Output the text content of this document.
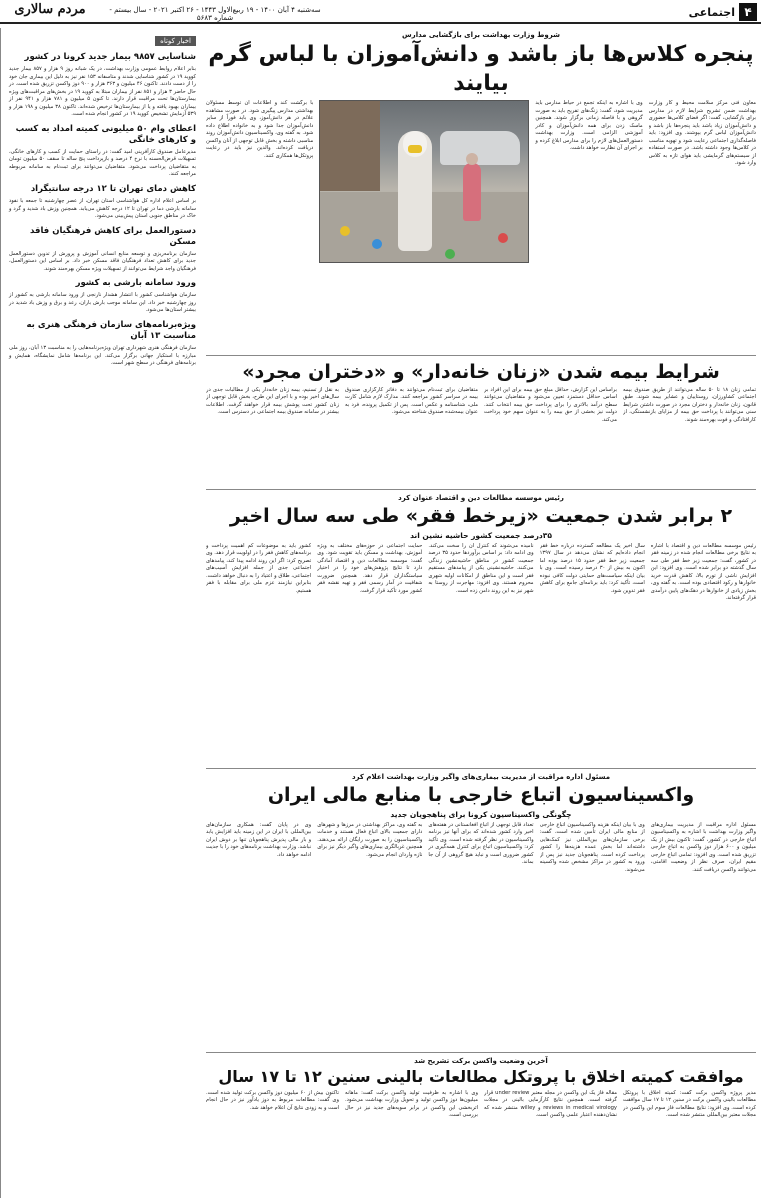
مردم سالاری	سه‌شنبه ۴ آبان ۱۴۰۰ - ۱۹ ربیع‌الاول ۱۴۴۳ - ۲۶ اکتبر ۲۰۲۱ - سال بیستم - شماره ۵۶۸۳	۴
اجتماعی
اخبار کوتاه
شناسایی ۹۸۵۷ بیمار جدید کرونا در کشور
بنابر اعلام روابط عمومی وزارت بهداشت، در یک شبانه روز ۹ هزار و ۸۵۷ بیمار جدید کووید ۱۹ در کشور شناسایی شدند و متاسفانه ۱۵۳ نفر نیز به دلیل این بیماری جان خود را از دست دادند. تاکنون ۴۶ میلیون و ۳۶۳ هزار و ۹۰۰ دوز واکسن تزریق شده است. در حال حاضر ۳ هزار و ۸۵۱ نفر از بیماران مبتلا به کووید ۱۹ در بخش‌های مراقبت‌های ویژه بیمارستان‌ها تحت مراقبت قرار دارند. تا کنون ۵ میلیون و ۷۸۱ هزار و ۹۴۱ نفر از بیماران بهبود یافته و یا از بیمارستان‌ها ترخیص شده‌اند. تاکنون ۳۸ میلیون و ۱۹۸ هزار و ۵۳۹ آزمایش تشخیص کووید ۱۹ در کشور انجام شده است.
اعطای وام ۵۰ میلیونی کمیته امداد به کسب و کارهای خانگی
مدیرعامل صندوق کارآفرینی امید گفت: در راستای حمایت از کسب و کارهای خانگی، تسهیلات قرض‌الحسنه با نرخ ۴ درصد و بازپرداخت پنج ساله تا سقف ۵۰ میلیون تومان به متقاضیان پرداخت می‌شود. متقاضیان می‌توانند برای ثبت‌نام به سامانه مربوطه مراجعه کنند.
کاهش دمای تهران تا ۱۲ درجه سانتیگراد
بر اساس اعلام اداره کل هواشناسی استان تهران، از عصر چهارشنبه تا جمعه با نفوذ سامانه بارشی دما در تهران تا ۱۲ درجه کاهش می‌یابد. همچنین وزش باد شدید و گرد و خاک در مناطق جنوبی استان پیش‌بینی می‌شود.
دستورالعمل برای کاهش فرهنگیان فاقد مسکن
سازمان برنامه‌ریزی و توسعه منابع انسانی آموزش و پرورش از تدوین دستورالعمل جدید برای کاهش تعداد فرهنگیان فاقد مسکن خبر داد. بر اساس این دستورالعمل، فرهنگیان واجد شرایط می‌توانند از تسهیلات ویژه مسکن بهره‌مند شوند.
ورود سامانه بارشی به کشور
سازمان هواشناسی کشور با انتشار هشدار نارنجی از ورود سامانه بارشی به کشور از روز چهارشنبه خبر داد. این سامانه موجب بارش باران، رعد و برق و وزش باد شدید در بیشتر استان‌ها می‌شود.
ویژه‌برنامه‌های سازمان فرهنگی هنری به مناسبت ۱۳ آبان
سازمان فرهنگی هنری شهرداری تهران ویژه‌برنامه‌هایی را به مناسبت ۱۳ آبان، روز ملی مبارزه با استکبار جهانی برگزار می‌کند. این برنامه‌ها شامل نمایشگاه، همایش و برنامه‌های فرهنگی در سطح شهر است.
شروط وزارت بهداشت برای بازگشایی مدارس
پنجره کلاس‌ها باز باشد و دانش‌آموزان با لباس گرم بیایند
معاون فنی مرکز سلامت محیط و کار وزارت بهداشت ضمن تشریح شرایط لازم در مدارس برای بازگشایی، گفت: اگر فضای کلاس‌ها حضوری و دانش‌آموزان زیاد باشد باید پنجره‌ها باز باشد و دانش‌آموزان لباس گرم بپوشند. وی افزود: باید فاصله‌گذاری اجتماعی رعایت شود و تهویه مناسب در کلاس‌ها وجود داشته باشد. در صورت استفاده از سیستم‌های گرمایشی باید هوای تازه به کلاس وارد شود.
وی با اشاره به اینکه تجمع در حیاط مدارس باید مدیریت شود، گفت: زنگ‌های تفریح باید به صورت گروهی و با فاصله زمانی برگزار شوند. همچنین ماسک زدن برای همه دانش‌آموزان و کادر آموزشی الزامی است. وزارت بهداشت دستورالعمل‌های لازم را برای مدارس ابلاغ کرده و بر اجرای آن نظارت خواهد داشت.
با برگشت کند و اطلاعات آن توسط مسئولان بهداشتی مدارس پیگیری شود. در صورت مشاهده علائم در هر دانش‌آموز، وی باید فوراً از سایر دانش‌آموزان جدا شود و به خانواده اطلاع داده شود. به گفته وی، واکسیناسیون دانش‌آموزان روند مناسبی داشته و بخش قابل توجهی از آنان واکسن دریافت کرده‌اند. والدین نیز باید در رعایت پروتکل‌ها همکاری کنند.
شرایط بیمه شدن «زنان خانه‌دار» و «دختران مجرد»
تمامی زنان ۱۸ تا ۵۰ ساله می‌توانند از طریق صندوق بیمه اجتماعی کشاورزان، روستاییان و عشایر بیمه شوند. طبق قانون، زنان خانه‌دار و دختران مجرد در صورت داشتن شرایط سنی می‌توانند با پرداخت حق بیمه از مزایای بازنشستگی، از کارافتادگی و فوت بهره‌مند شوند.
براساس این گزارش، حداقل مبلغ حق بیمه برای این افراد بر اساس حداقل دستمزد تعیین می‌شود و متقاضیان می‌توانند سطح درآمد بالاتری را برای پرداخت حق بیمه انتخاب کنند. دولت نیز بخشی از حق بیمه را به عنوان سهم خود پرداخت می‌کند.
متقاضیان برای ثبت‌نام می‌توانند به دفاتر کارگزاری صندوق بیمه در سراسر کشور مراجعه کنند. مدارک لازم شامل کارت ملی، شناسنامه و عکس است. پس از تکمیل پرونده، فرد به عنوان بیمه‌شده صندوق شناخته می‌شود.
به نقل از تسنیم، بیمه زنان خانه‌دار یکی از مطالبات جدی در سال‌های اخیر بوده و با اجرای این طرح، بخش قابل توجهی از زنان کشور تحت پوشش بیمه قرار خواهند گرفت. اطلاعات بیشتر در سامانه صندوق بیمه اجتماعی در دسترس است.
رئیس موسسه مطالعات دین و اقتصاد عنوان کرد
۲ برابر شدن جمعیت «زیرخط فقر» طی سه سال اخیر
۳۵درصد جمعیت کشور حاشیه نشین اند
رئیس موسسه مطالعات دین و اقتصاد با اشاره به نتایج برخی مطالعات انجام شده در زمینه فقر در کشور، گفت: جمعیت زیر خط فقر طی سه سال گذشته دو برابر شده است. وی افزود: این افزایش ناشی از تورم بالا، کاهش قدرت خرید خانوارها و رکود اقتصادی بوده است. به گفته وی، بخش زیادی از خانوارها در دهک‌های پایین درآمدی قرار گرفته‌اند.
سال اخیر یک مطالعه گسترده درباره خط فقر انجام داده‌ایم که نشان می‌دهد در سال ۱۳۹۷ جمعیت زیر خط فقر حدود ۱۵ درصد بوده اما اکنون به بیش از ۳۰ درصد رسیده است. وی با بیان اینکه سیاست‌های حمایتی دولت کافی نبوده است، تأکید کرد: باید برنامه‌ای جامع برای کاهش فقر تدوین شود.
نامیده می‌شوند که کنترل آن را سخت می‌کند. وی ادامه داد: بر اساس برآوردها حدود ۳۵ درصد جمعیت کشور در مناطق حاشیه‌نشین زندگی می‌کنند. حاشیه‌نشینی یکی از پیامدهای مستقیم فقر است و این مناطق از امکانات اولیه شهری محروم هستند. وی افزود: مهاجرت از روستا به شهر نیز به این روند دامن زده است.
حمایت اجتماعی در حوزه‌های مختلف به ویژه آموزش، بهداشت و مسکن باید تقویت شود. وی گفت: موسسه مطالعات دین و اقتصاد آمادگی دارد تا نتایج پژوهش‌های خود را در اختیار سیاستگذاران قرار دهد. همچنین ضرورت شفافیت در آمار رسمی فقر و تهیه نقشه فقر کشور مورد تأکید قرار گرفت.
کشور باید به موضوعات کم اهمیت پرداخت و برنامه‌های کاهش فقر را در اولویت قرار دهد. وی تصریح کرد: اگر این روند ادامه پیدا کند، پیامدهای اجتماعی جدی از جمله افزایش آسیب‌های اجتماعی، طلاق و اعتیاد را به دنبال خواهد داشت. بنابراین نیازمند عزم ملی برای مقابله با فقر هستیم.
مسئول اداره مراقبت از مدیریت بیماری‌های واگیر وزارت بهداشت اعلام کرد
واکسیناسیون اتباع خارجی با منابع مالی ایران
چگونگی واکسیناسیون کرونا برای پناهجویان جدید
مسئول اداره مراقبت از مدیریت بیماری‌های واگیر وزارت بهداشت با اشاره به واکسیناسیون اتباع خارجی در کشور، گفت: تاکنون بیش از یک میلیون و ۶۰۰ هزار دوز واکسن به اتباع خارجی تزریق شده است. وی افزود: تمامی اتباع خارجی مقیم ایران، صرف نظر از وضعیت اقامتی، می‌توانند واکسن دریافت کنند.
وی با بیان اینکه هزینه واکسیناسیون اتباع خارجی از منابع مالی ایران تأمین شده است، گفت: برخی سازمان‌های بین‌المللی نیز کمک‌هایی داشته‌اند اما بخش عمده هزینه‌ها را کشور پرداخت کرده است. پناهجویان جدید نیز پس از ورود به کشور در مراکز مشخص شده واکسینه می‌شوند.
تعداد قابل توجهی از اتباع افغانستانی در هفته‌های اخیر وارد کشور شده‌اند که برای آنها نیز برنامه واکسیناسیون در نظر گرفته شده است. وی تأکید کرد: واکسیناسیون اتباع برای کنترل همه‌گیری در کشور ضروری است و نباید هیچ گروهی از آن جا بماند.
به گفته وی، مراکز بهداشتی در مرزها و شهرهای دارای جمعیت بالای اتباع فعال هستند و خدمات واکسیناسیون را به صورت رایگان ارائه می‌دهند. همچنین غربالگری بیماری‌های واگیر دیگر نیز برای تازه واردان انجام می‌شود.
وی در پایان گفت: همکاری سازمان‌های بین‌المللی با ایران در این زمینه باید افزایش یابد و بار مالی پذیرش پناهجویان تنها بر دوش ایران نباشد. وزارت بهداشت برنامه‌های خود را با جدیت ادامه خواهد داد.
آخرین وضعیت واکسن برکت تشریح شد
موافقت کمیته اخلاق با پروتکل مطالعات بالینی سنین ۱۲ تا ۱۷ سال
مدیر پروژه واکسن برکت گفت: کمیته اخلاق با پروتکل مطالعات بالینی واکسن برکت در سنین ۱۲ تا ۱۷ سال موافقت کرده است. وی افزود: نتایج مطالعات فاز سوم این واکسن در مجلات معتبر بین‌المللی منتشر شده است.
مقاله فاز یک این واکسن در مجله معتبر under review قرار گرفته است. همچنین نتایج کارآزمایی بالینی در مجلات reviews in medical virology و willey منتشر شده که نشان‌دهنده اعتبار علمی واکسن است.
وی با اشاره به ظرفیت تولید واکسن برکت گفت: ماهانه میلیون‌ها دوز واکسن تولید و تحویل وزارت بهداشت می‌شود. اثربخشی این واکسن در برابر سویه‌های جدید نیز در حال بررسی است.
تاکنون بیش از ۶۰ میلیون دوز واکسن برکت تولید شده است. وی گفت: مطالعات مربوط به دوز یادآور نیز در حال انجام است و به زودی نتایج آن اعلام خواهد شد.
